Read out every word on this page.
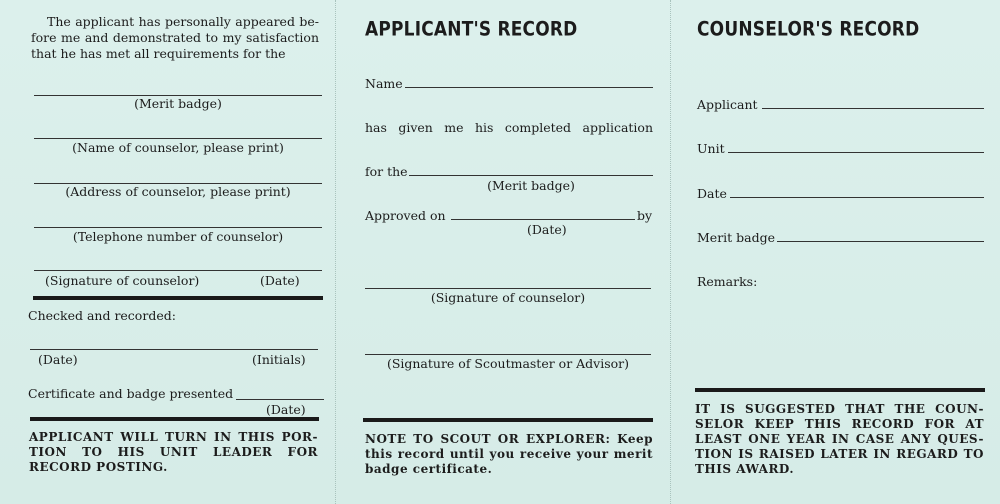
The applicant has personally appeared be-
fore me and demonstrated to my satisfaction
that he has met all requirements for the
(Merit badge)
(Name of counselor, please print)
(Address of counselor, please print)
(Telephone number of counselor)
(Signature of counselor)	(Date)
Checked and recorded:
(Date)	(Initials)
Certificate and badge presented
(Date)
APPLICANT WILL TURN IN THIS POR-
TION TO HIS UNIT LEADER FOR
RECORD POSTING.
APPLICANT'S RECORD
Name
has given me his completed application
for the
(Merit badge)
Approved on	by
(Date)
(Signature of counselor)
(Signature of Scoutmaster or Advisor)
NOTE TO SCOUT OR EXPLORER: Keep
this record until you receive your merit
badge certificate.
COUNSELOR'S RECORD
Applicant
Unit
Date
Merit badge
Remarks:
IT IS SUGGESTED THAT THE COUN-
SELOR KEEP THIS RECORD FOR AT
LEAST ONE YEAR IN CASE ANY QUES-
TION IS RAISED LATER IN REGARD TO
THIS AWARD.
